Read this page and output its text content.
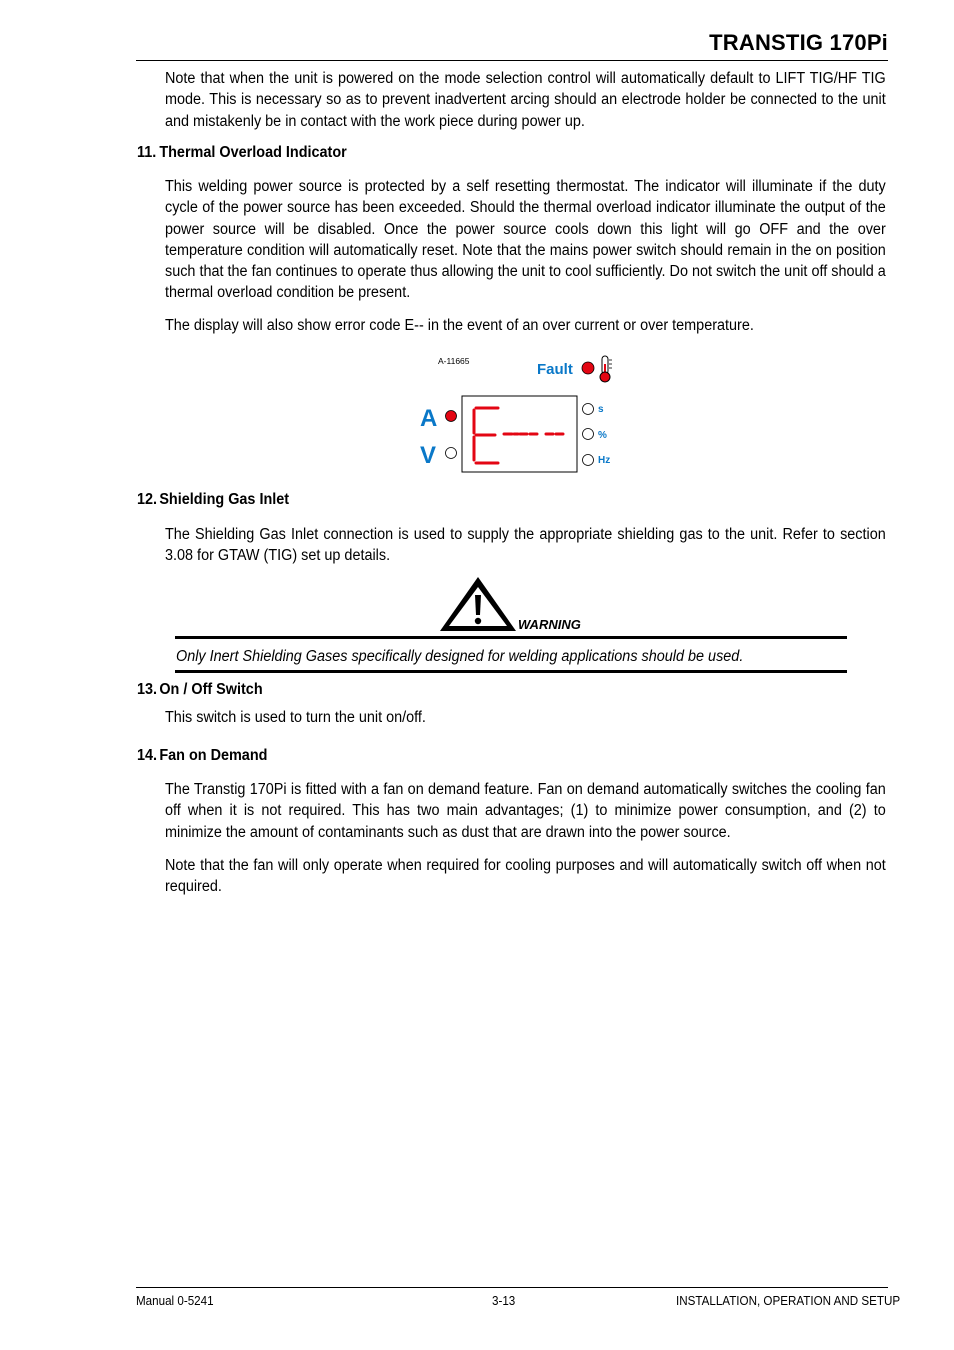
TRANSTIG 170Pi
Note that when the unit is powered on the mode selection control will automatically default to LIFT TIG/HF TIG mode. This is necessary so as to prevent inadvertent arcing should an electrode holder be connected to the unit and mistakenly be in contact with the work piece during power up.
11. Thermal Overload Indicator
This welding power source is protected by a self resetting thermostat. The indicator will illuminate if the duty cycle of the power source has been exceeded. Should the thermal overload indicator illuminate the output of the power source will be disabled. Once the power source cools down this light will go OFF and the over temperature condition will automatically reset. Note that the mains power switch should remain in the on position such that the fan continues to operate thus allowing the unit to cool sufficiently. Do not switch the unit off should a thermal overload condition be present.
The display will also show error code E-- in the event of an over current or over temperature.
A-11665	Fault
A
V
s
%
Hz
12. Shielding Gas Inlet
The Shielding Gas Inlet connection is used to supply the appropriate shielding gas to the unit. Refer to section 3.08 for GTAW (TIG) set up details.
WARNING
Only Inert Shielding Gases specifically designed for welding applications should be used.
13. On / Off Switch
This switch is used to turn the unit on/off.
14. Fan on Demand
The Transtig 170Pi is fitted with a fan on demand feature. Fan on demand automatically switches the cooling fan off when it is not required. This has two main advantages; (1) to minimize power consumption, and (2) to minimize the amount of contaminants such as dust that are drawn into the power source.
Note that the fan will only operate when required for cooling purposes and will automatically switch off when not required.
Manual 0-5241	3-13	INSTALLATION, OPERATION AND SETUP
